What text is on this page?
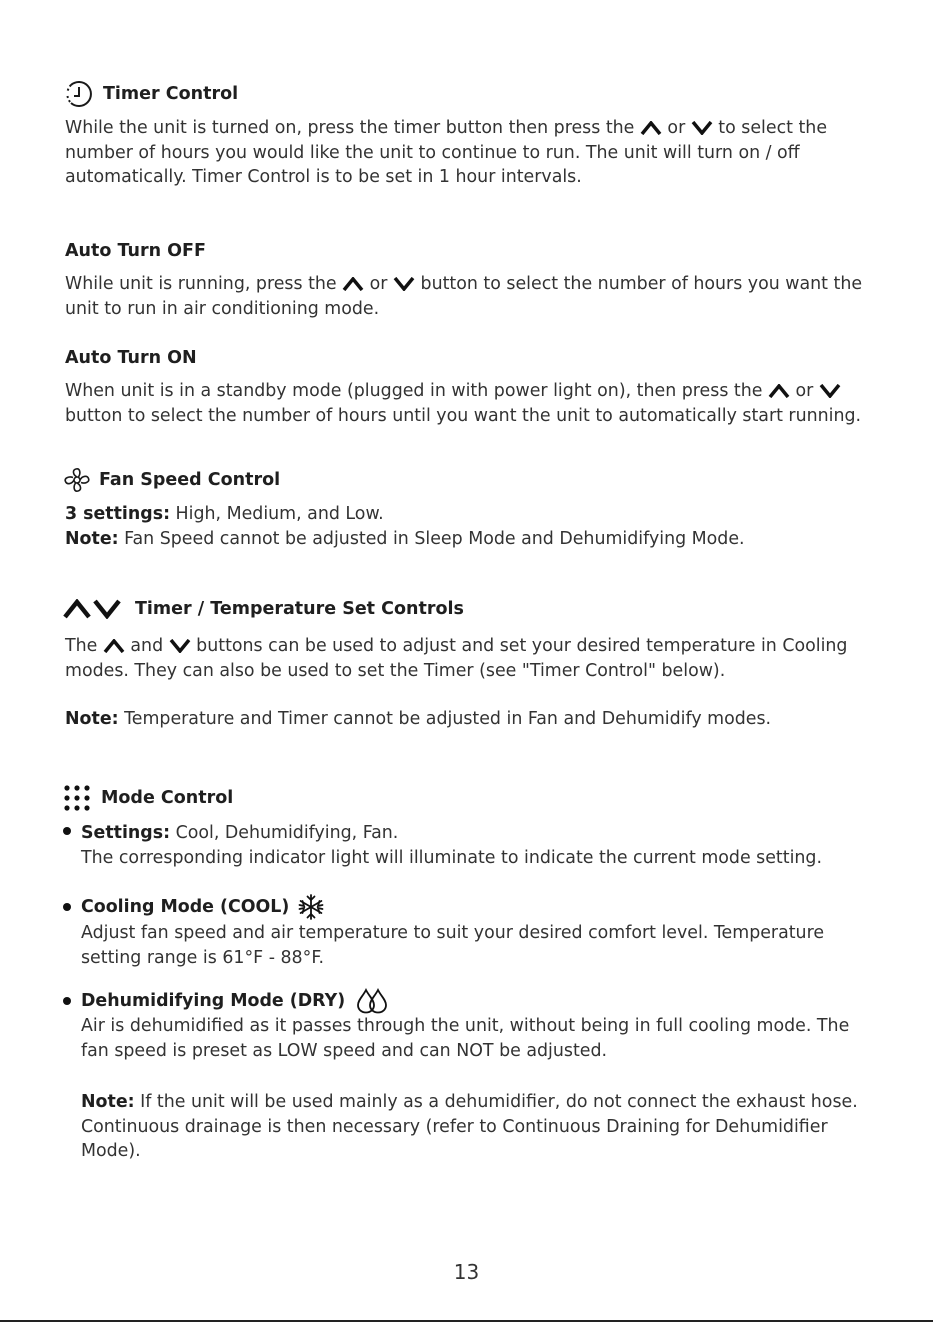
Timer Control
While the unit is turned on, press the timer button then press the
or
to select the number of hours you would like the unit to continue to run. The unit will turn on / off automatically. Timer Control is to be set in 1 hour intervals.
Auto Turn OFF
While unit is running, press the
or
button to select the number of hours you want the unit to run in air conditioning mode.
Auto Turn ON
When unit is in a standby mode (plugged in with power light on), then press the
or
button to select the number of hours until you want the unit to automatically start running.
Fan Speed Control
3 settings: High, Medium, and Low.
Note: Fan Speed cannot be adjusted in Sleep Mode and Dehumidifying Mode.
Timer / Temperature Set Controls
The
and
buttons can be used to adjust and set your desired temperature in Cooling modes. They can also be used to set the Timer (see "Timer Control" below).
Note: Temperature and Timer cannot be adjusted in Fan and Dehumidify modes.
Mode Control
Settings: Cool, Dehumidifying, Fan.
The corresponding indicator light will illuminate to indicate the current mode setting.
Cooling Mode (COOL)
Adjust fan speed and air temperature to suit your desired comfort level. Temperature setting range is 61°F - 88°F.
Dehumidifying Mode (DRY)
Air is dehumidified as it passes through the unit, without being in full cooling mode. The fan speed is preset as LOW speed and can NOT be adjusted.
Note: If the unit will be used mainly as a dehumidifier, do not connect the exhaust hose. Continuous drainage is then necessary (refer to Continuous Draining for Dehumidifier Mode).
13
